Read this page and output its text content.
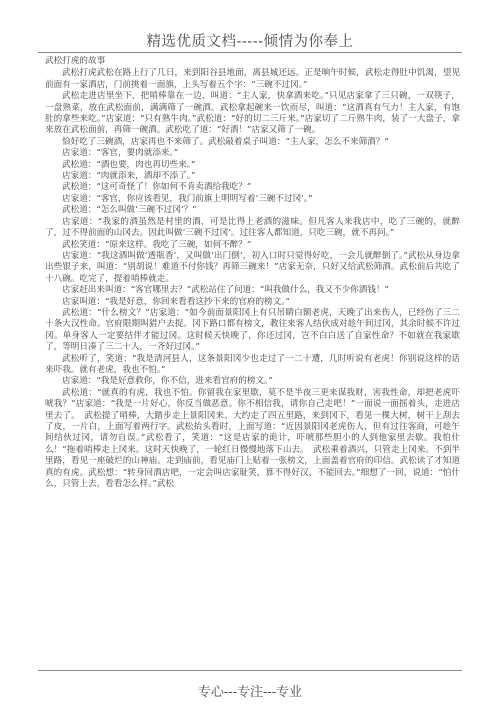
精选优质文档-----倾情为你奉上
武松打虎的故事

武松打虎武松在路上行了几日，来到阳谷县地面，离县城还远。正是晌午时候，武松走得肚中饥渴，望见前面有一家酒店，门前挑着一面旗，上头写着五个字：“三碗不过冈。”

武松走进店里坐下，把哨棒靠在一边，叫道：“主人家，快拿酒来吃。”只见店家拿了三只碗，一双筷子，一盘熟菜，放在武松面前，满满筛了一碗酒。武松拿起碗来一饮而尽，叫道：“这酒真有气力！主人家，有饱肚的拿些来吃。”店家道：“只有熟牛肉。”武松道：“好的切二三斤来。”店家切了二斤熟牛肉，装了一大盘子，拿来放在武松面前，再筛一碗酒。武松吃了道：“好酒！”店家又筛了一碗。

恰好吃了三碗酒，店家再也不来筛了。武松敲着桌子叫道：“主人家，怎么不来筛酒？”

店家道：“客官，要肉就添来。”

武松道：“酒也要，肉也再切些来。”

店家道：“肉就添来，酒却不添了。”

武松道：“这可奇怪了！你如何不肯卖酒给我吃？”

店家道：“客官，你应该看见，我门前旗上明明写着‘三碗不过冈’。”

武松道：“怎么叫做‘三碗不过冈’？”

店家道：“我家的酒虽然是村里的酒，可是比得上老酒的滋味。但凡客人来我店中，吃了三碗的，就醉了，过不得前面的山冈去。因此叫做‘三碗不过冈’。过往客人都知道，只吃三碗，就不再问。”

武松笑道：“原来这样。我吃了三碗，如何不醉？”

店家道：“我这酒叫做‘透瓶香’，又叫做‘出门倒’，初入口时只觉得好吃，一会儿就醉倒了。”武松从身边拿出些银子来，叫道：“别胡说！难道不付你钱？再筛三碗来！”店家无奈，只好又给武松筛酒。武松前后共吃了十八碗。吃完了，提着哨棒就走。

店家赶出来叫道：“客官哪里去？”武松站住了问道：“叫我做什么，我又不少你酒钱！”

店家叫道：“我是好意，你回来看看这抄下来的官府的榜文。”

武松道：“什么榜文？”店家道：“如今前面景阳冈上有只吊睛白额老虎，天晚了出来伤人，已经伤了三二十条大汉性命。官府限期叫猎户去捉。冈下路口都有榜文，教往来客人结伙成对趁午间过冈，其余时候不许过冈。单身客人一定要结伴才能过冈。这时候天快晚了，你还过冈，岂不白白送了自家性命？不如就在我家歇了，等明日凑了三二十人，一齐好过冈。”

武松听了，笑道：“我是清河县人，这条景阳冈少也走过了一二十遭，几时听说有老虎！你别说这样的话来吓我。就有老虎，我也不怕。”

店家道：“我是好意救你，你不信，进来看官府的榜文。”

武松道：“就真的有虎，我也不怕。你留我在家里歇，莫不是半夜三更来谋我财，害我性命，却把老虎吓唬我？”店家道：“我是一片好心，你反当做恶意。你不相信我，请你自己走吧！”一面说一面摇着头，走进店里去了。　武松提了哨棒，大踏步走上景阳冈来。大约走了四五里路，来到冈下，看见一棵大树，树干上刮去了皮，一片白，上面写着两行字。武松抬头看时，上面写道：“近因景阳冈老虎伤人，但有过往客商，可趁午间结伙过冈，请勿自误。”武松看了，笑道：“这是店家的诡计，吓唬那些胆小的人到他家里去歇。我怕什么！”拖着哨棒走上冈来。这时天快晚了，一轮红日慢慢地落下山去。　武松乘着酒兴，只管走上冈来。不到半里路，看见一座破烂的山神庙。走到庙前，看见庙门上贴着一张榜文，上面盖着官府的印信。武松读了才知道真的有虎。武松想：“转身回酒店吧，一定会叫店家耻笑，算不得好汉，不能回去。”细想了一回，说道：“怕什么，只管上去，看看怎么样。”武松

专心---专注---专业
